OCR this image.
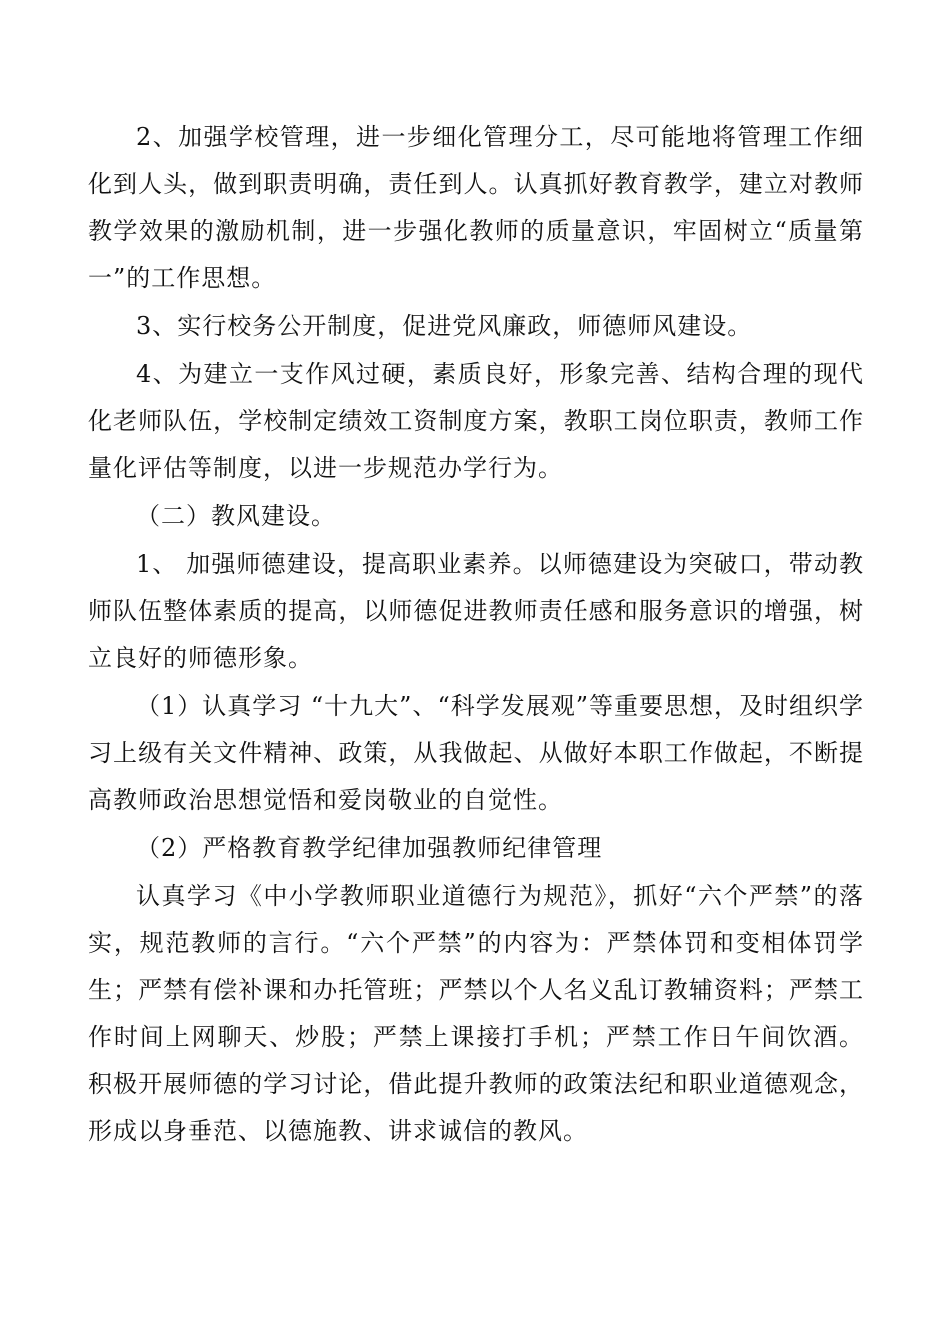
2、加强学校管理，进一步细化管理分工，尽可能地将管理工作细化到人头，做到职责明确，责任到人。认真抓好教育教学，建立对教师教学效果的激励机制，进一步强化教师的质量意识，牢固树立“质量第一”的工作思想。

3、实行校务公开制度，促进党风廉政，师德师风建设。

4、为建立一支作风过硬，素质良好，形象完善、结构合理的现代化老师队伍，学校制定绩效工资制度方案，教职工岗位职责，教师工作量化评估等制度，以进一步规范办学行为。

（二）教风建设。

1、 加强师德建设，提高职业素养。以师德建设为突破口，带动教师队伍整体素质的提高，以师德促进教师责任感和服务意识的增强，树立良好的师德形象。

（1）认真学习 “十九大”、“科学发展观”等重要思想，及时组织学习上级有关文件精神、政策，从我做起、从做好本职工作做起，不断提高教师政治思想觉悟和爱岗敬业的自觉性。

（2）严格教育教学纪律加强教师纪律管理

认真学习《中小学教师职业道德行为规范》，抓好“六个严禁”的落实，规范教师的言行。“六个严禁”的内容为：严禁体罚和变相体罚学生；严禁有偿补课和办托管班；严禁以个人名义乱订教辅资料；严禁工作时间上网聊天、炒股；严禁上课接打手机；严禁工作日午间饮酒。 积极开展师德的学习讨论，借此提升教师的政策法纪和职业道德观念，形成以身垂范、以德施教、讲求诚信的教风。
